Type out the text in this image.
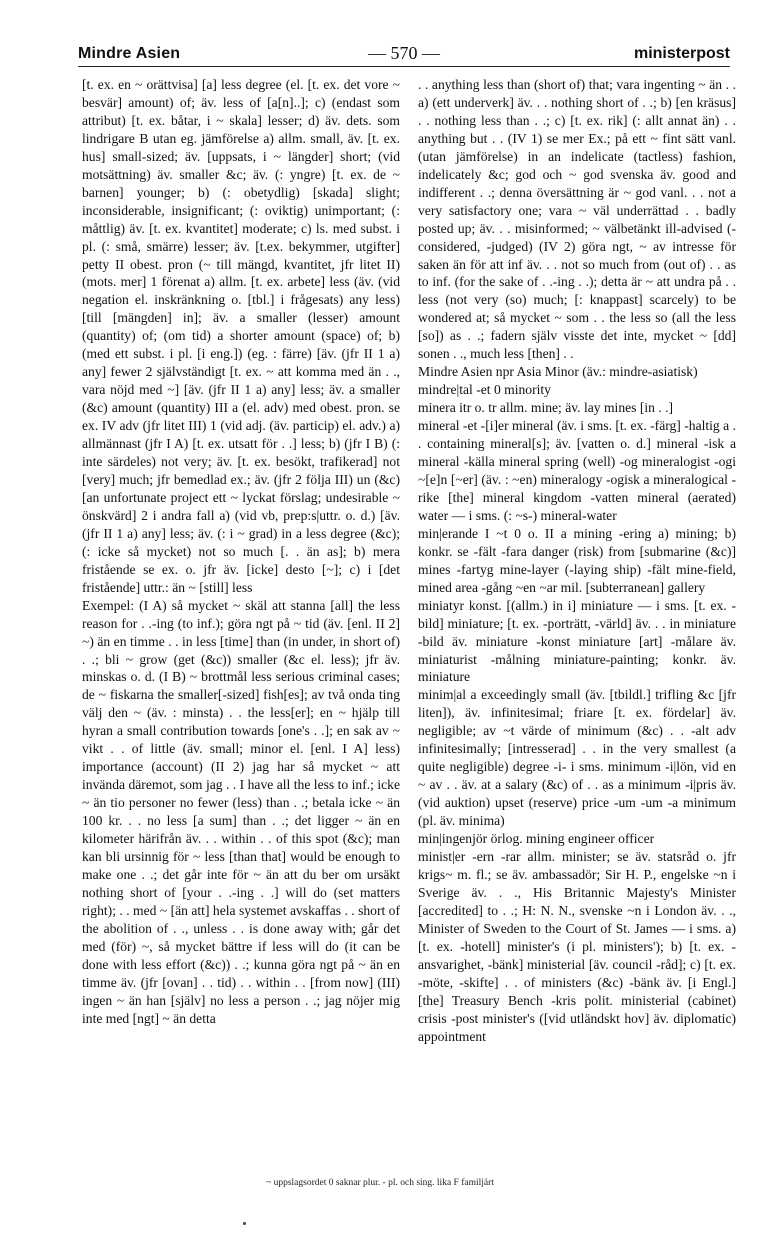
Mindre Asien	— 570 —	ministerpost

[t. ex. en ~ orättvisa] [a] less degree (el. [t. ex. det vore ~ besvär] amount) of; äv. less of [a[n]..]; c) (endast som attribut) [t. ex. båtar, i ~ skala] lesser; d) äv. dets. som lindrigare B utan eg. jämförelse a) allm. small, äv. [t. ex. hus] small-sized; äv. [uppsats, i ~ längder] short; (vid motsättning) äv. smaller &c; äv. (: yngre) [t. ex. de ~ barnen] younger; b) (: obetydlig) [skada] slight; inconsiderable, insignificant; (: oviktig) unimportant; (: måttlig) äv. [t. ex. kvantitet] moderate; c) ls. med subst. i pl. (: små, smärre) lesser; äv. [t.ex. bekymmer, utgifter] petty II obest. pron (~ till mängd, kvantitet, jfr litet II) (mots. mer] 1 förenat a) allm. [t. ex. arbete] less (äv. (vid negation el. inskränkning o. [tbl.] i frågesats) any less) [till [mängden] in]; äv. a smaller (lesser) amount (quantity) of; (om tid) a shorter amount (space) of; b) (med ett subst. i pl. [i eng.]) (eg. : färre) [äv. (jfr II 1 a) any] fewer 2 självständigt [t. ex. ~ att komma med än . ., vara nöjd med ~] [äv. (jfr II 1 a) any] less; äv. a smaller (&c) amount (quantity) III a (el. adv) med obest. pron. se ex. IV adv (jfr litet III) 1 (vid adj. (äv. particip) el. adv.) a) allmännast (jfr I A) [t. ex. utsatt för . .] less; b) (jfr I B) (: inte särdeles) not very; äv. [t. ex. besökt, trafikerad] not [very] much; jfr bemedlad ex.; äv. (jfr 2 följa III) un (&c) [an unfortunate project ett ~ lyckat förslag; undesirable ~ önskvärd] 2 i andra fall a) (vid vb, prep:s|uttr. o. d.) [äv. (jfr II 1 a) any] less; äv. (: i ~ grad) in a less degree (&c); (: icke så mycket) not so much [. . än as]; b) mera fristående se ex. o. jfr äv. [icke] desto [~]; c) i [det fristående] uttr.: än ~ [still] less

Exempel: (I A) så mycket ~ skäl att stanna [all] the less reason for . .-ing (to inf.); göra ngt på ~ tid (äv. [enl. II 2] ~) än en timme . . in less [time] than (in under, in short of) . .; bli ~ grow (get (&c)) smaller (&c el. less); jfr äv. minskas o. d. (I B) ~ brottmål less serious criminal cases; de ~ fiskarna the smaller[-sized] fish[es]; av två onda ting välj den ~ (äv. : minsta) . . the less[er]; en ~ hjälp till hyran a small contribution towards [one's . .]; en sak av ~ vikt . . of little (äv. small; minor el. [enl. I A] less) importance (account) (II 2) jag har så mycket ~ att invända däremot, som jag . . I have all the less to inf.; icke ~ än tio personer no fewer (less) than . .; betala icke ~ än 100 kr. . . no less [a sum] than . .; det ligger ~ än en kilometer härifrån äv. . . within . . of this spot (&c); man kan bli ursinnig för ~ less [than that] would be enough to make one . .; det går inte för ~ än att du ber om ursäkt nothing short of [your . .-ing . .] will do (set matters right); . . med ~ [än att] hela systemet avskaffas . . short of the abolition of . ., unless . . is done away with; går det med (för) ~, så mycket bättre if less will do (it can be done with less effort (&c)) . .; kunna göra ngt på ~ än en timme äv. (jfr [ovan] . . tid) . . within . . [from now] (III) ingen ~ än han [själv] no less a person . .; jag nöjer mig inte med [ngt] ~ än detta

. . anything less than (short of) that; vara ingenting ~ än . . a) (ett underverk] äv. . . nothing short of . .; b) [en kräsus] . . nothing less than . .; c) [t. ex. rik] (: allt annat än) . . anything but . . (IV 1) se mer Ex.; på ett ~ fint sätt vanl. (utan jämförelse) in an indelicate (tactless) fashion, indelicately &c; god och ~ god svenska äv. good and indifferent . .; denna översättning är ~ god vanl. . . not a very satisfactory one; vara ~ väl underrättad . . badly posted up; äv. . . misinformed; ~ välbetänkt ill-advised (-considered, -judged) (IV 2) göra ngt, ~ av intresse för saken än för att inf äv. . . not so much from (out of) . . as to inf. (for the sake of . .-ing . .); detta är ~ att undra på . . less (not very (so) much; [: knappast] scarcely) to be wondered at; så mycket ~ som . . the less so (all the less [so]) as . .; fadern själv visste det inte, mycket ~ [dd] sonen . ., much less [then] . .

Mindre Asien npr Asia Minor (äv.: mindre-asiatisk)

mindre|tal -et 0 minority

minera itr o. tr allm. mine; äv. lay mines [in . .]

mineral -et -[i]er mineral (äv. i sms. [t. ex. -färg] -haltig a . . containing mineral[s]; äv. [vatten o. d.] mineral -isk a mineral -källa mineral spring (well) -og mineralogist -ogi ~[e]n [~er] (äv. : ~en) mineralogy -ogisk a mineralogical -rike [the] mineral kingdom -vatten mineral (aerated) water — i sms. (: ~s-) mineral-water

min|erande I ~t 0 o. II a mining -ering a) mining; b) konkr. se -fält -fara danger (risk) from [submarine (&c)] mines -fartyg mine-layer (-laying ship) -fält mine-field, mined area -gång ~en ~ar mil. [subterranean] gallery

miniatyr konst. [(allm.) in i] miniature — i sms. [t. ex. -bild] miniature; [t. ex. -porträtt, -värld] äv. . . in miniature -bild äv. miniature -konst miniature [art] -målare äv. miniaturist -målning miniature-painting; konkr. äv. miniature

minim|al a exceedingly small (äv. [tbildl.] trifling &c [jfr liten]), äv. infinitesimal; friare [t. ex. fördelar] äv. negligible; av ~t värde of minimum (&c) . . -alt adv infinitesimally; [intresserad] . . in the very smallest (a quite negligible) degree -i- i sms. minimum -i|lön, vid en ~ av . . äv. at a salary (&c) of . . as a minimum -i|pris äv. (vid auktion) upset (reserve) price -um -um -a minimum (pl. äv. minima)

min|ingenjör örlog. mining engineer officer

minist|er -ern -rar allm. minister; se äv. statsråd o. jfr krigs~ m. fl.; se äv. ambassadör; Sir H. P., engelske ~n i Sverige äv. . ., His Britannic Majesty's Minister [accredited] to . .; H: N. N., svenske ~n i London äv. . ., Minister of Sweden to the Court of St. James — i sms. a) [t. ex. -hotell] minister's (i pl. ministers'); b) [t. ex. -ansvarighet, -bänk] ministerial [äv. council -råd]; c) [t. ex. -möte, -skifte] . . of ministers (&c) -bänk äv. [i Engl.] [the] Treasury Bench -kris polit. ministerial (cabinet) crisis -post minister's ([vid utländskt hov] äv. diplomatic) appointment

~ uppslagsordet 0 saknar plur. - pl. och sing. lika F familjärt
